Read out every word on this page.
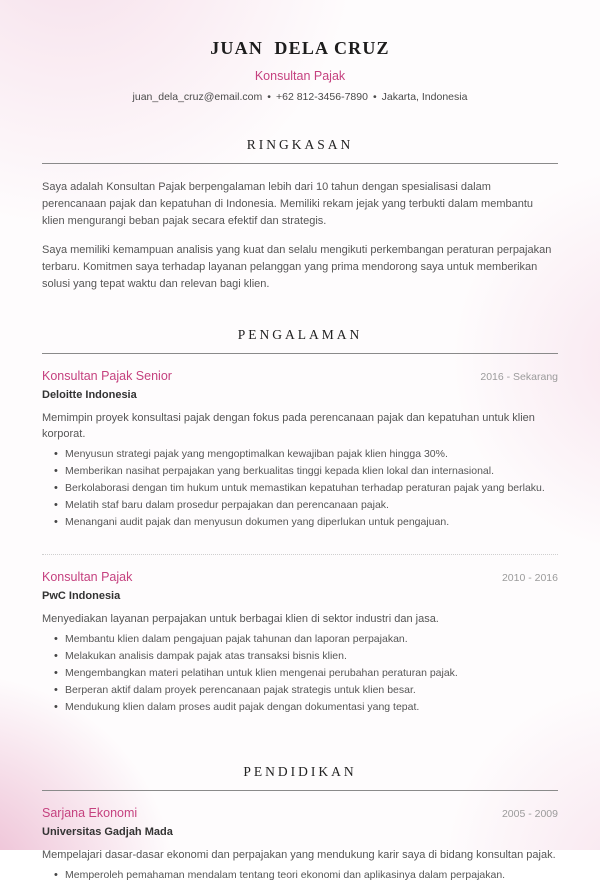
JUAN  DELA CRUZ
Konsultan Pajak
juan_dela_cruz@email.com • +62 812-3456-7890 • Jakarta, Indonesia
RINGKASAN

Saya adalah Konsultan Pajak berpengalaman lebih dari 10 tahun dengan spesialisasi dalam perencanaan pajak dan kepatuhan di Indonesia. Memiliki rekam jejak yang terbukti dalam membantu klien mengurangi beban pajak secara efektif dan strategis.

Saya memiliki kemampuan analisis yang kuat dan selalu mengikuti perkembangan peraturan perpajakan terbaru. Komitmen saya terhadap layanan pelanggan yang prima mendorong saya untuk memberikan solusi yang tepat waktu dan relevan bagi klien.

PENGALAMAN
Konsultan Pajak Senior	2016 - Sekarang
Deloitte Indonesia

Memimpin proyek konsultasi pajak dengan fokus pada perencanaan pajak dan kepatuhan untuk klien korporat.

• Menyusun strategi pajak yang mengoptimalkan kewajiban pajak klien hingga 30%.
• Memberikan nasihat perpajakan yang berkualitas tinggi kepada klien lokal dan internasional.
• Berkolaborasi dengan tim hukum untuk memastikan kepatuhan terhadap peraturan pajak yang berlaku.
• Melatih staf baru dalam prosedur perpajakan dan perencanaan pajak.
• Menangani audit pajak dan menyusun dokumen yang diperlukan untuk pengajuan.
Konsultan Pajak	2010 - 2016
PwC Indonesia

Menyediakan layanan perpajakan untuk berbagai klien di sektor industri dan jasa.

• Membantu klien dalam pengajuan pajak tahunan dan laporan perpajakan.
• Melakukan analisis dampak pajak atas transaksi bisnis klien.
• Mengembangkan materi pelatihan untuk klien mengenai perubahan peraturan pajak.
• Berperan aktif dalam proyek perencanaan pajak strategis untuk klien besar.
• Mendukung klien dalam proses audit pajak dengan dokumentasi yang tepat.
PENDIDIKAN
Sarjana Ekonomi	2005 - 2009
Universitas Gadjah Mada

Mempelajari dasar-dasar ekonomi dan perpajakan yang mendukung karir saya di bidang konsultan pajak.

• Memperoleh pemahaman mendalam tentang teori ekonomi dan aplikasinya dalam perpajakan.
